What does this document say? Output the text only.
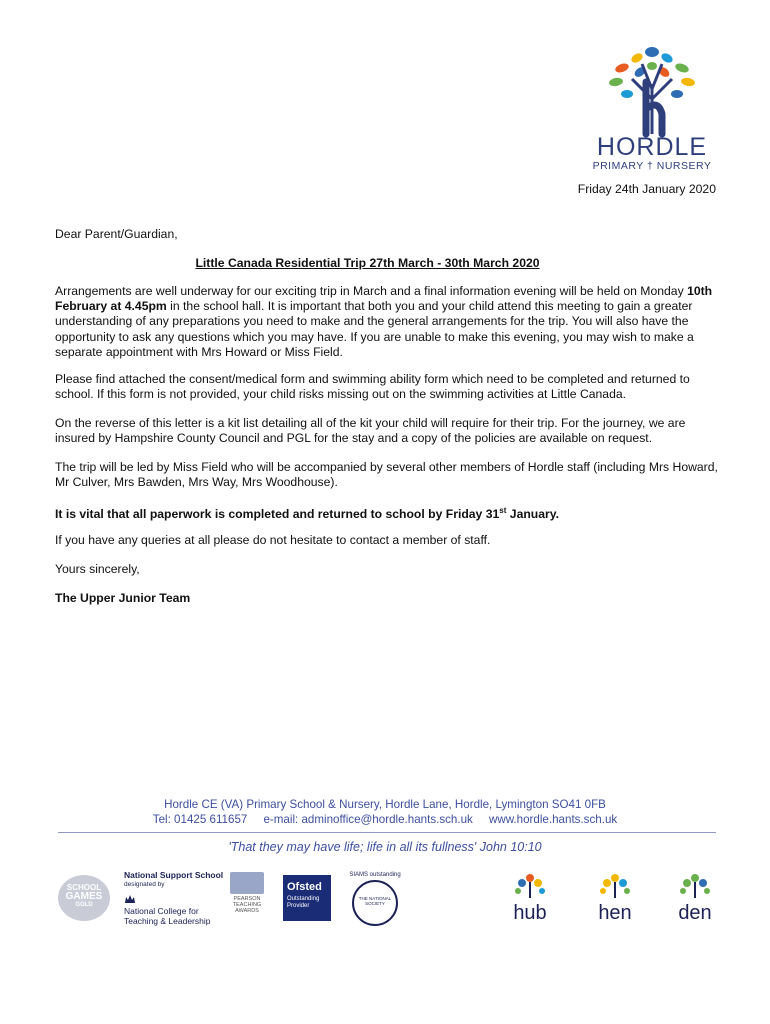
HORDLE
PRIMARY † NURSERY
Friday 24th January 2020
Dear Parent/Guardian,
Little Canada Residential Trip 27th March - 30th March 2020
Arrangements are well underway for our exciting trip in March and a final information evening will be held on Monday 10th February at 4.45pm in the school hall. It is important that both you and your child attend this meeting to gain a greater understanding of any preparations you need to make and the general arrangements for the trip. You will also have the opportunity to ask any questions which you may have. If you are unable to make this evening, you may wish to make a separate appointment with Mrs Howard or Miss Field.
Please find attached the consent/medical form and swimming ability form which need to be completed and returned to school. If this form is not provided, your child risks missing out on the swimming activities at Little Canada.
On the reverse of this letter is a kit list detailing all of the kit your child will require for their trip. For the journey, we are insured by Hampshire County Council and PGL for the stay and a copy of the policies are available on request.
The trip will be led by Miss Field who will be accompanied by several other members of Hordle staff (including Mrs Howard, Mr Culver, Mrs Bawden, Mrs Way, Mrs Woodhouse).
It is vital that all paperwork is completed and returned to school by Friday 31st January.
If you have any queries at all please do not hesitate to contact a member of staff.
Yours sincerely,
The Upper Junior Team
Hordle CE (VA) Primary School & Nursery, Hordle Lane, Hordle, Lymington SO41 0FB
Tel: 01425 611657     e-mail: adminoffice@hordle.hants.sch.uk     www.hordle.hants.sch.uk
'That they may have life; life in all its fullness' John 10:10
SCHOOL
GAMES
GOLD
National Support School
designated by
National College for
Teaching & Leadership
PEARSON
TEACHING
AWARDS
Ofsted
Outstanding
Provider
SIAMS outstanding
THE NATIONAL SOCIETY	hub	hen	den
